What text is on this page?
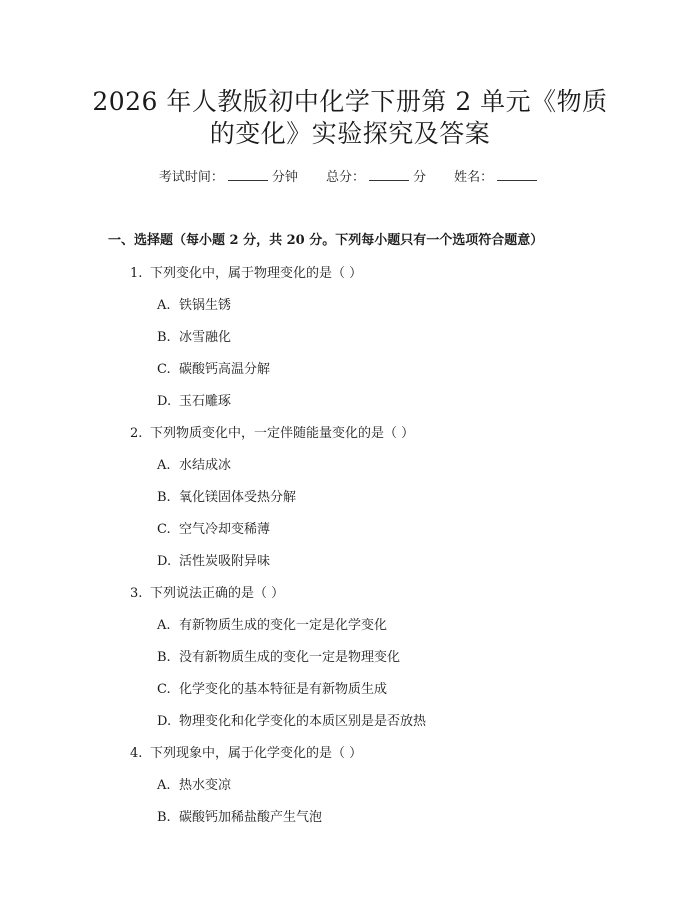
2026 年人教版初中化学下册第 2 单元《物质
的变化》实验探究及答案
考试时间：	分钟 总分：	分 姓名：
一、选择题（每小题 2 分，共 20 分。下列每小题只有一个选项符合题意）
1. 下列变化中，属于物理变化的是（ ）
A. 铁锅生锈
B. 冰雪融化
C. 碳酸钙高温分解
D. 玉石雕琢
2. 下列物质变化中，一定伴随能量变化的是（ ）
A. 水结成冰
B. 氧化镁固体受热分解
C. 空气冷却变稀薄
D. 活性炭吸附异味
3. 下列说法正确的是（ ）
A. 有新物质生成的变化一定是化学变化
B. 没有新物质生成的变化一定是物理变化
C. 化学变化的基本特征是有新物质生成
D. 物理变化和化学变化的本质区别是是否放热
4. 下列现象中，属于化学变化的是（ ）
A. 热水变凉
B. 碳酸钙加稀盐酸产生气泡
